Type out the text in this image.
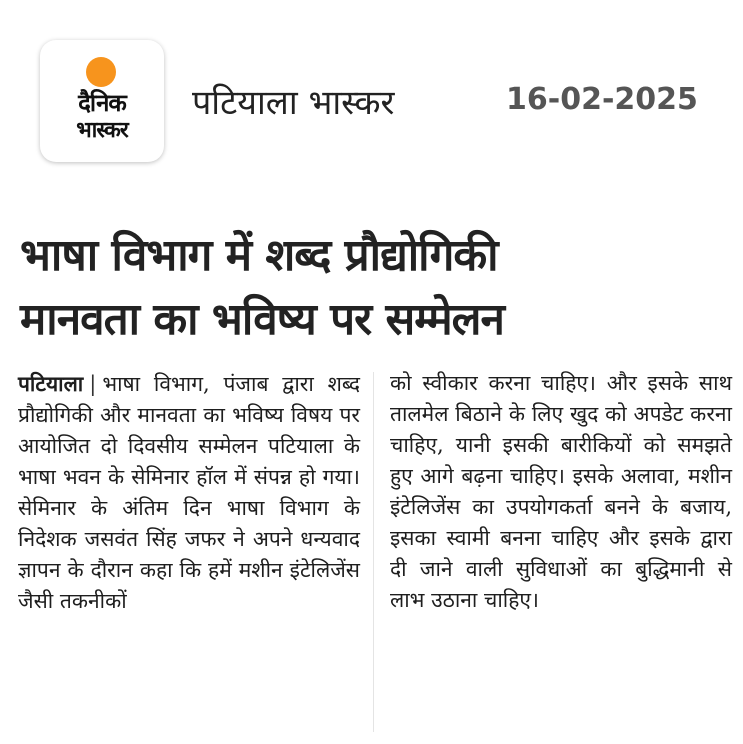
दैनिक
भास्कर
पटियाला भास्कर	16-02-2025
भाषा विभाग में शब्द प्रौद्योगिकी
मानवता का भविष्य पर सम्मेलन
पटियाला | भाषा विभाग, पंजाब द्वारा शब्द प्रौद्योगिकी और मानवता का भविष्य विषय पर आयोजित दो दिवसीय सम्मेलन पटियाला के भाषा भवन के सेमिनार हॉल में संपन्न हो गया। सेमिनार के अंतिम दिन भाषा विभाग के निदेशक जसवंत सिंह जफर ने अपने धन्यवाद ज्ञापन के दौरान कहा कि हमें मशीन इंटेलिजेंस जैसी तकनीकों
को स्वीकार करना चाहिए। और इसके साथ तालमेल बिठाने के लिए खुद को अपडेट करना चाहिए, यानी इसकी बारीकियों को समझते हुए आगे बढ़ना चाहिए। इसके अलावा, मशीन इंटेलिजेंस का उपयोगकर्ता बनने के बजाय, इसका स्वामी बनना चाहिए और इसके द्वारा दी जाने वाली सुविधाओं का बुद्धिमानी से लाभ उठाना चाहिए।
